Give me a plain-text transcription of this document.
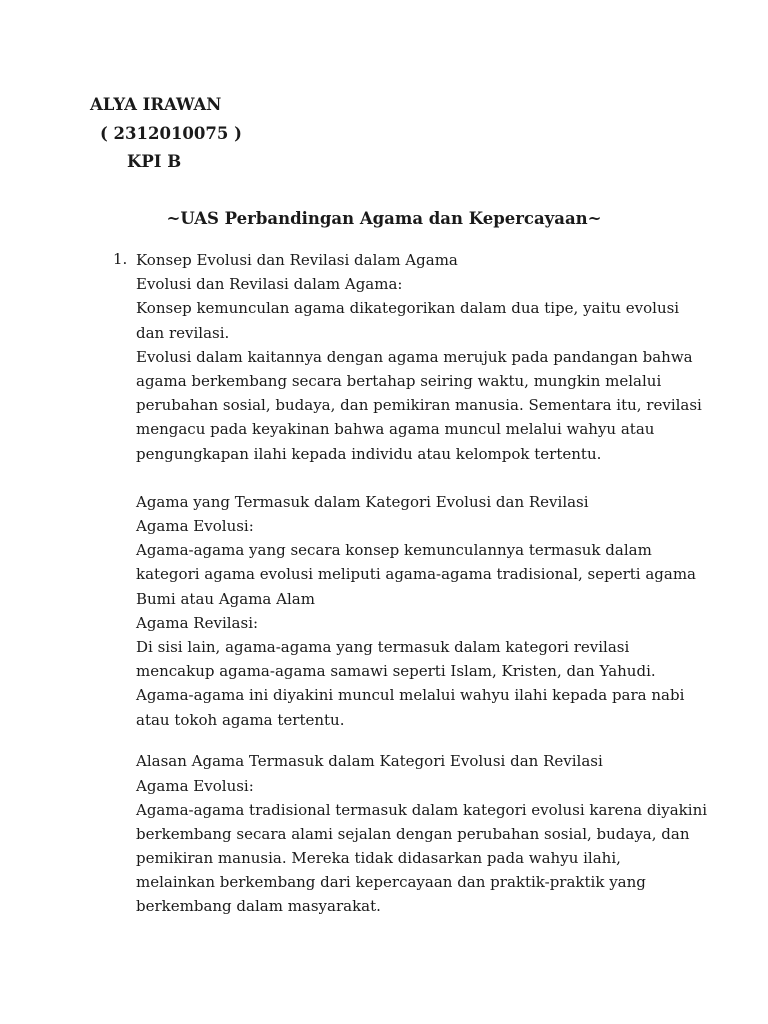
ALYA IRAWAN
( 2312010075 )
KPI B
~UAS Perbandingan Agama dan Kepercayaan~
1. Konsep Evolusi dan Revilasi dalam Agama
Evolusi dan Revilasi dalam Agama:
Konsep kemunculan agama dikategorikan dalam dua tipe, yaitu evolusi
dan revilasi.
Evolusi dalam kaitannya dengan agama merujuk pada pandangan bahwa
agama berkembang secara bertahap seiring waktu, mungkin melalui
perubahan sosial, budaya, dan pemikiran manusia. Sementara itu, revilasi
mengacu pada keyakinan bahwa agama muncul melalui wahyu atau
pengungkapan ilahi kepada individu atau kelompok tertentu.
Agama yang Termasuk dalam Kategori Evolusi dan Revilasi
Agama Evolusi:
Agama-agama yang secara konsep kemunculannya termasuk dalam
kategori agama evolusi meliputi agama-agama tradisional, seperti agama
Bumi atau Agama Alam
Agama Revilasi:
Di sisi lain, agama-agama yang termasuk dalam kategori revilasi
mencakup agama-agama samawi seperti Islam, Kristen, dan Yahudi.
Agama-agama ini diyakini muncul melalui wahyu ilahi kepada para nabi
atau tokoh agama tertentu.
Alasan Agama Termasuk dalam Kategori Evolusi dan Revilasi
Agama Evolusi:
Agama-agama tradisional termasuk dalam kategori evolusi karena diyakini
berkembang secara alami sejalan dengan perubahan sosial, budaya, dan
pemikiran manusia. Mereka tidak didasarkan pada wahyu ilahi,
melainkan berkembang dari kepercayaan dan praktik-praktik yang
berkembang dalam masyarakat.
